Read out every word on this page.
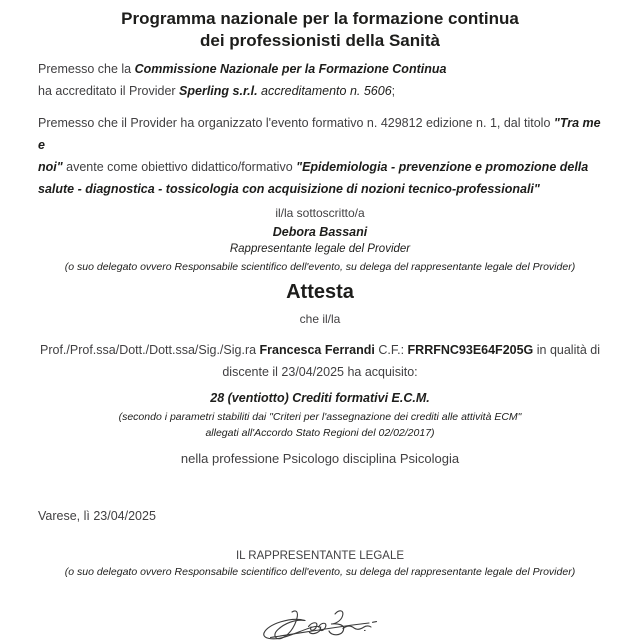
Programma nazionale per la formazione continua
dei professionisti della Sanità
Premesso che la Commissione Nazionale per la Formazione Continua
ha accreditato il Provider Sperling s.r.l. accreditamento n. 5606;
Premesso che il Provider ha organizzato l'evento formativo n. 429812 edizione n. 1, dal titolo "Tra me e
noi" avente come obiettivo didattico/formativo "Epidemiologia - prevenzione e promozione della
salute - diagnostica - tossicologia con acquisizione di nozioni tecnico-professionali"
il/la sottoscritto/a
Debora Bassani
Rappresentante legale del Provider
(o suo delegato ovvero Responsabile scientifico dell'evento, su delega del rappresentante legale del Provider)
Attesta
che il/la
Prof./Prof.ssa/Dott./Dott.ssa/Sig./Sig.ra Francesca Ferrandi C.F.: FRRFNC93E64F205G in qualità di
discente il 23/04/2025 ha acquisito:
28 (ventiotto) Crediti formativi E.C.M.
(secondo i parametri stabiliti dai "Criteri per l'assegnazione dei crediti alle attività ECM"
allegati all'Accordo Stato Regioni del 02/02/2017)
nella professione Psicologo disciplina Psicologia
Varese, lì 23/04/2025
IL RAPPRESENTANTE LEGALE
(o suo delegato ovvero Responsabile scientifico dell'evento, su delega del rappresentante legale del Provider)
